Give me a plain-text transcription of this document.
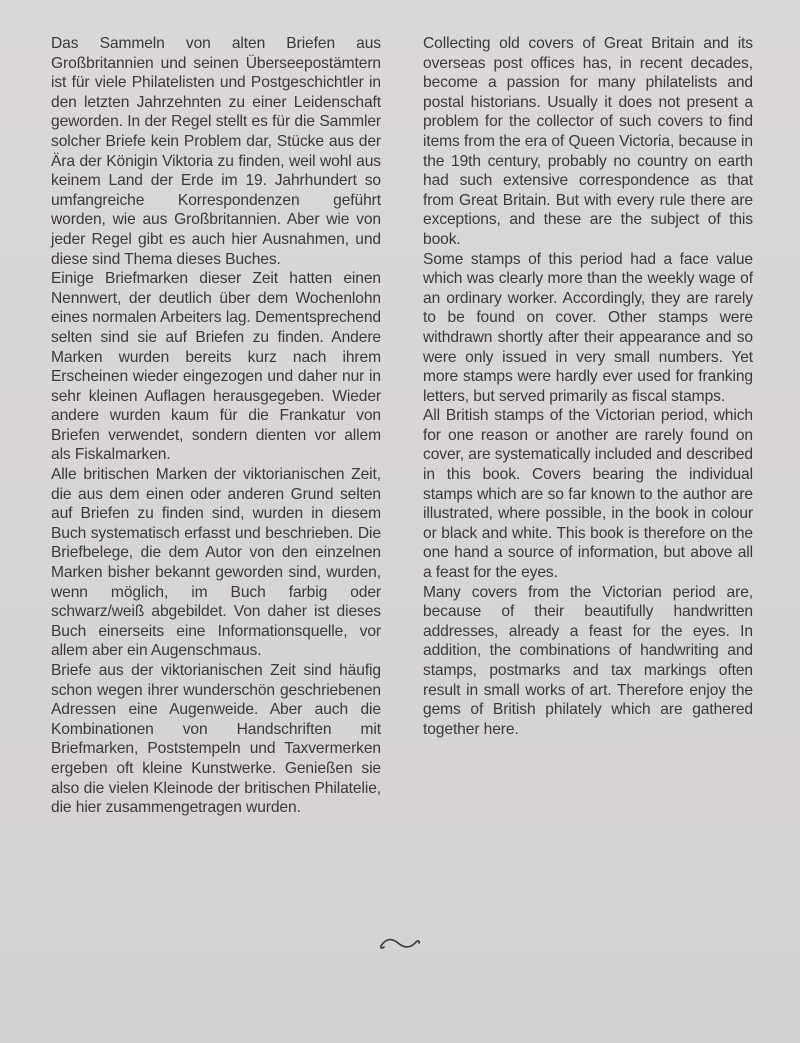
Das Sammeln von alten Briefen aus Großbritannien und seinen Überseepostämtern ist für viele Philatelisten und Postgeschichtler in den letzten Jahrzehnten zu einer Leidenschaft geworden. In der Regel stellt es für die Sammler solcher Briefe kein Problem dar, Stücke aus der Ära der Königin Viktoria zu finden, weil wohl aus keinem Land der Erde im 19. Jahrhundert so umfangreiche Korrespondenzen geführt worden, wie aus Großbritannien. Aber wie von jeder Regel gibt es auch hier Ausnahmen, und diese sind Thema dieses Buches.

Einige Briefmarken dieser Zeit hatten einen Nennwert, der deutlich über dem Wochenlohn eines normalen Arbeiters lag. Dementsprechend selten sind sie auf Briefen zu finden. Andere Marken wurden bereits kurz nach ihrem Erscheinen wieder eingezogen und daher nur in sehr kleinen Auflagen herausgegeben. Wieder andere wurden kaum für die Frankatur von Briefen verwendet, sondern dienten vor allem als Fiskalmarken.

Alle britischen Marken der viktorianischen Zeit, die aus dem einen oder anderen Grund selten auf Briefen zu finden sind, wurden in diesem Buch systematisch erfasst und beschrieben. Die Briefbelege, die dem Autor von den einzelnen Marken bisher bekannt geworden sind, wurden, wenn möglich, im Buch farbig oder schwarz/weiß abgebildet. Von daher ist dieses Buch einerseits eine Informationsquelle, vor allem aber ein Augenschmaus.

Briefe aus der viktorianischen Zeit sind häufig schon wegen ihrer wunderschön geschriebenen Adressen eine Augenweide. Aber auch die Kombinationen von Handschriften mit Briefmarken, Poststempeln und Taxvermerken ergeben oft kleine Kunstwerke. Genießen sie also die vielen Kleinode der britischen Philatelie, die hier zusammengetragen wurden.

Collecting old covers of Great Britain and its overseas post offices has, in recent decades, become a passion for many philatelists and postal historians. Usually it does not present a problem for the collector of such covers to find items from the era of Queen Victoria, because in the 19th century, probably no country on earth had such extensive correspondence as that from Great Britain. But with every rule there are exceptions, and these are the subject of this book.

Some stamps of this period had a face value which was clearly more than the weekly wage of an ordinary worker. Accordingly, they are rarely to be found on cover. Other stamps were withdrawn shortly after their appearance and so were only issued in very small numbers. Yet more stamps were hardly ever used for franking letters, but served primarily as fiscal stamps.

All British stamps of the Victorian period, which for one reason or another are rarely found on cover, are systematically included and described in this book. Covers bearing the individual stamps which are so far known to the author are illustrated, where possible, in the book in colour or black and white. This book is therefore on the one hand a source of information, but above all a feast for the eyes.

Many covers from the Victorian period are, because of their beautifully handwritten addresses, already a feast for the eyes. In addition, the combinations of handwriting and stamps, postmarks and tax markings often result in small works of art. Therefore enjoy the gems of British philately which are gathered together here.
